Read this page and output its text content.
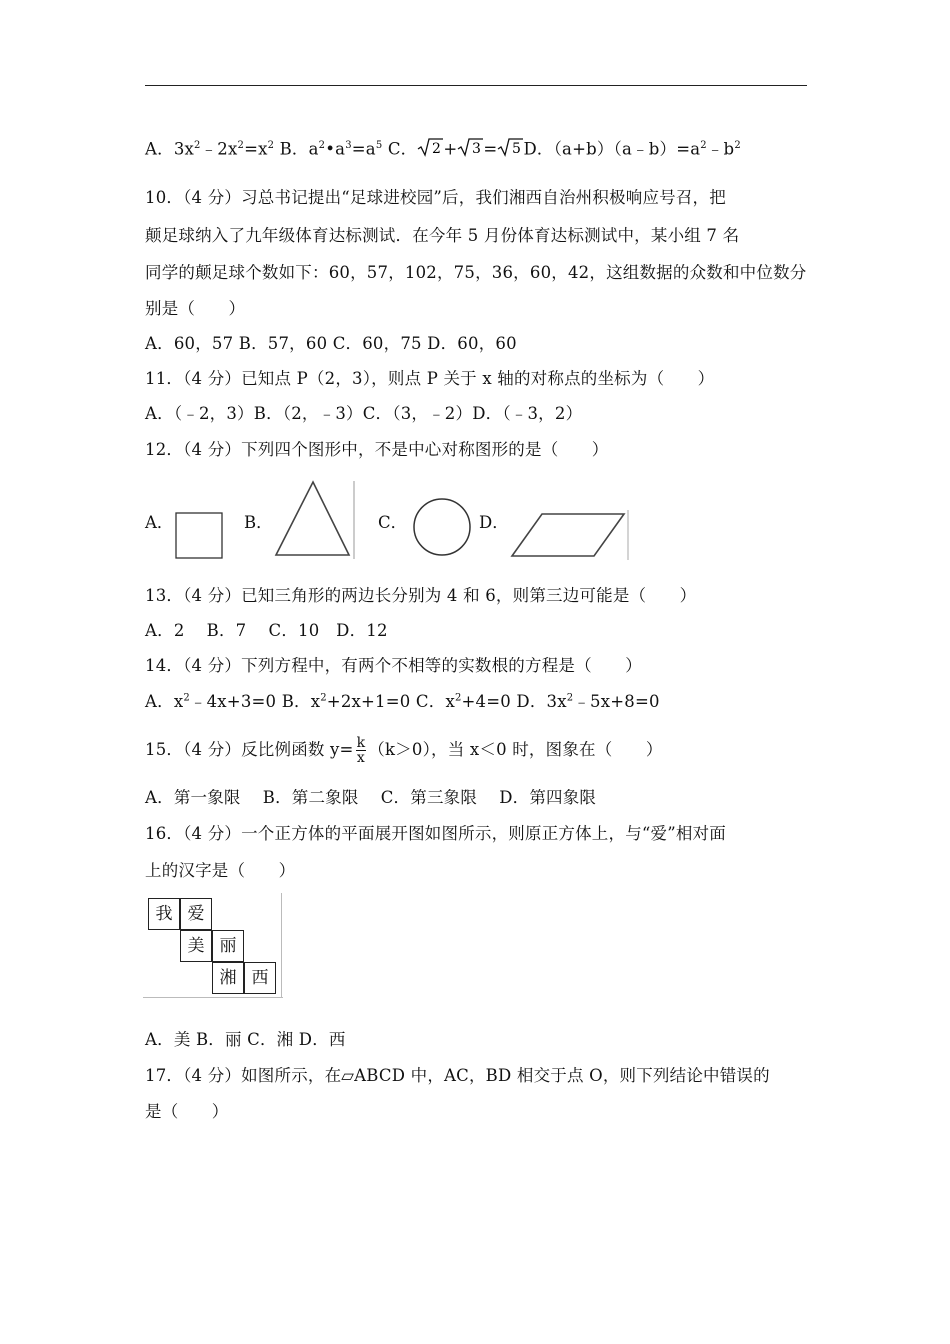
A．$3x^2﹣2x^2=x^2$ B．$a^2•a^3=a^5$ C． 2 + 3 = 5 D．$(a+b)(a﹣b)=a^2﹣b^2$
10．（4 分）习总书记提出“足球进校园”后，我们湘西自治州积极响应号召，把
颠足球纳入了九年级体育达标测试．在今年 5 月份体育达标测试中，某小组 7 名
同学的颠足球个数如下：60，57，102，75，36，60，42，这组数据的众数和中位数分
别是（　　）
A．60，57 B．57，60 C．60，75 D．60，60
11．（4 分）已知点 P（2，3），则点 P 关于 x 轴的对称点的坐标为（　　）
A．（﹣2，3）B．（2，﹣3）C．（3，﹣2）D．（﹣3，2）
12．（4 分）下列四个图形中，不是中心对称图形的是（　　）
A．	B．	C．	D．
13．（4 分）已知三角形的两边长分别为 4 和 6，则第三边可能是（　　）
A．2　 B．7　 C．10　D．12
14．（4 分）下列方程中，有两个不相等的实数根的方程是（　　）
A．$x^2﹣4x+3=0$ B．$x^2+2x+1=0$ C．$x^2+4=0$ D．$3x^2﹣5x+8=0$
15．（4 分）反比例函数 $y= \frac{k}{x} (k>0)$，当 x＜0 时，图象在（　　）
A．第一象限　 B．第二象限　 C．第三象限　 D．第四象限
16．（4 分）一个正方体的平面展开图如图所示，则原正方体上，与“爱”相对面
上的汉字是（　　）
我 爱
美 丽
湘 西
A．美 B．丽 C．湘 D．西
17．（4 分）如图所示，在▱ABCD 中，AC，BD 相交于点 O，则下列结论中错误的
是（　　）
